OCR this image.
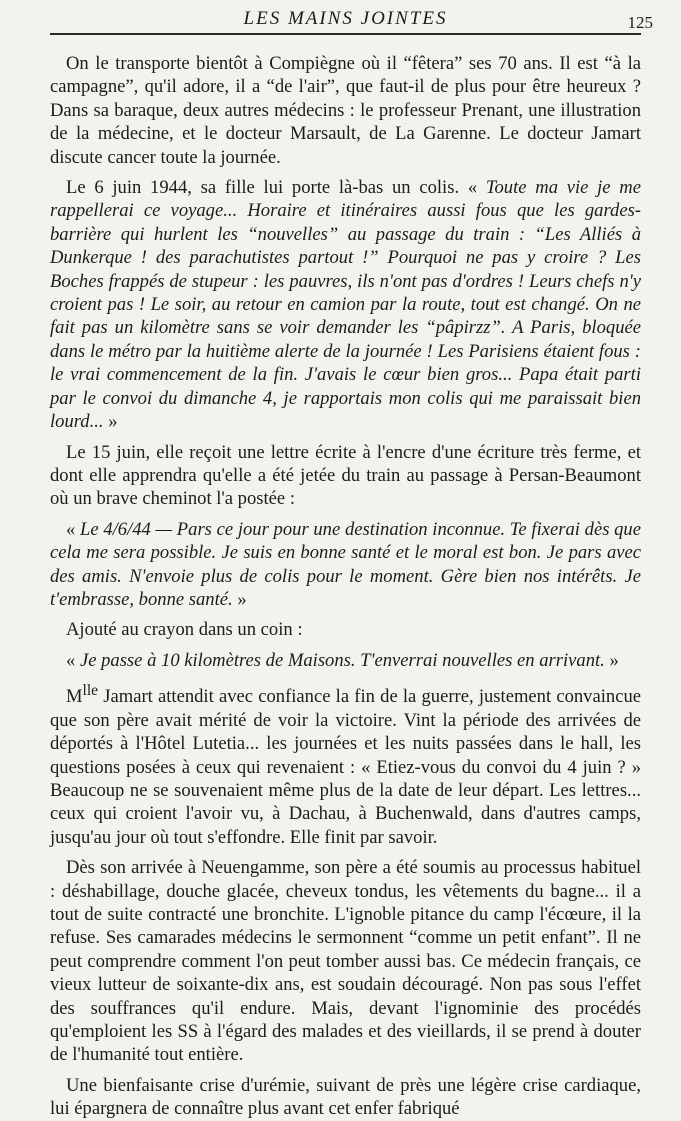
LES MAINS JOINTES	125

On le transporte bientôt à Compiègne où il “fêtera” ses 70 ans. Il est “à la campagne”, qu'il adore, il a “de l'air”, que faut-il de plus pour être heureux ? Dans sa baraque, deux autres médecins : le professeur Prenant, une illustration de la médecine, et le docteur Marsault, de La Garenne. Le docteur Jamart discute cancer toute la journée.

Le 6 juin 1944, sa fille lui porte là-bas un colis. « Toute ma vie je me rappellerai ce voyage... Horaire et itinéraires aussi fous que les gardes-barrière qui hurlent les “nouvelles” au passage du train : “Les Alliés à Dunkerque ! des parachutistes partout !” Pourquoi ne pas y croire ? Les Boches frappés de stupeur : les pauvres, ils n'ont pas d'ordres ! Leurs chefs n'y croient pas ! Le soir, au retour en camion par la route, tout est changé. On ne fait pas un kilomètre sans se voir demander les “pâpirzz”. A Paris, bloquée dans le métro par la huitième alerte de la journée ! Les Parisiens étaient fous : le vrai commencement de la fin. J'avais le cœur bien gros... Papa était parti par le convoi du dimanche 4, je rapportais mon colis qui me paraissait bien lourd... »

Le 15 juin, elle reçoit une lettre écrite à l'encre d'une écriture très ferme, et dont elle apprendra qu'elle a été jetée du train au passage à Persan-Beaumont où un brave cheminot l'a postée :

« Le 4/6/44 — Pars ce jour pour une destination inconnue. Te fixerai dès que cela me sera possible. Je suis en bonne santé et le moral est bon. Je pars avec des amis. N'envoie plus de colis pour le moment. Gère bien nos intérêts. Je t'embrasse, bonne santé. »

Ajouté au crayon dans un coin :

« Je passe à 10 kilomètres de Maisons. T'enverrai nouvelles en arrivant. »

$M^{lle}$ Jamart attendit avec confiance la fin de la guerre, justement convaincue que son père avait mérité de voir la victoire. Vint la période des arrivées de déportés à l'Hôtel Lutetia... les journées et les nuits passées dans le hall, les questions posées à ceux qui revenaient : « Etiez-vous du convoi du 4 juin ? » Beaucoup ne se souvenaient même plus de la date de leur départ. Les lettres... ceux qui croient l'avoir vu, à Dachau, à Buchenwald, dans d'autres camps, jusqu'au jour où tout s'effondre. Elle finit par savoir.

Dès son arrivée à Neuengamme, son père a été soumis au processus habituel : déshabillage, douche glacée, cheveux tondus, les vêtements du bagne... il a tout de suite contracté une bronchite. L'ignoble pitance du camp l'écœure, il la refuse. Ses camarades médecins le sermonnent “comme un petit enfant”. Il ne peut comprendre comment l'on peut tomber aussi bas. Ce médecin français, ce vieux lutteur de soixante-dix ans, est soudain découragé. Non pas sous l'effet des souffrances qu'il endure. Mais, devant l'ignominie des procédés qu'emploient les SS à l'égard des malades et des vieillards, il se prend à douter de l'humanité tout entière.

Une bienfaisante crise d'urémie, suivant de près une légère crise cardiaque, lui épargnera de connaître plus avant cet enfer fabriqué
